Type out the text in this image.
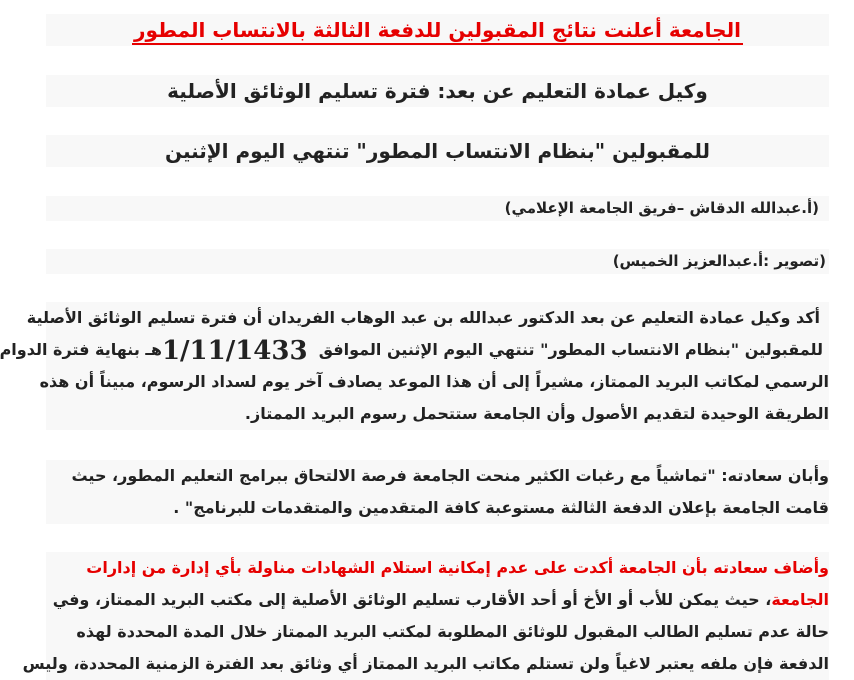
الجامعة أعلنت نتائج المقبولين للدفعة الثالثة بالانتساب المطور
وكيل عمادة التعليم عن بعد: فترة تسليم الوثائق الأصلية
للمقبولين "بنظام الانتساب المطور" تنتهي اليوم الإثنين
(أ.عبدالله الدقاش –فريق الجامعة الإعلامي)
(تصوير :أ.عبدالعزيز الخميس)
أكد وكيل عمادة التعليم عن بعد الدكتور عبدالله بن عبد الوهاب الفريدان أن فترة تسليم الوثائق الأصلية
للمقبولين "بنظام الانتساب المطور" تنتهي اليوم الإثنين الموافق  1/11/1433هـ بنهاية فترة الدوام
الرسمي لمكاتب البريد الممتاز، مشيراً إلى أن هذا الموعد يصادف آخر يوم لسداد الرسوم، مبيناً أن هذه
الطريقة الوحيدة لتقديم الأصول وأن الجامعة ستتحمل رسوم البريد الممتاز.
وأبان سعادته: "تماشياً مع رغبات الكثير منحت الجامعة فرصة الالتحاق ببرامج التعليم المطور، حيث
قامت الجامعة بإعلان الدفعة الثالثة مستوعبة كافة المتقدمين والمتقدمات للبرنامج" .
وأضاف سعادته بأن الجامعة أكدت على عدم إمكانية استلام الشهادات مناولة بأي إدارة من إدارات
الجامعة، حيث يمكن للأب أو الأخ أو أحد الأقارب تسليم الوثائق الأصلية إلى مكتب البريد الممتاز، وفي
حالة عدم تسليم الطالب المقبول للوثائق المطلوبة لمكتب البريد الممتاز خلال المدة المحددة لهذه
الدفعة فإن ملفه يعتبر لاغياً ولن تستلم مكاتب البريد الممتاز أي وثائق بعد الفترة الزمنية المحددة، وليس
